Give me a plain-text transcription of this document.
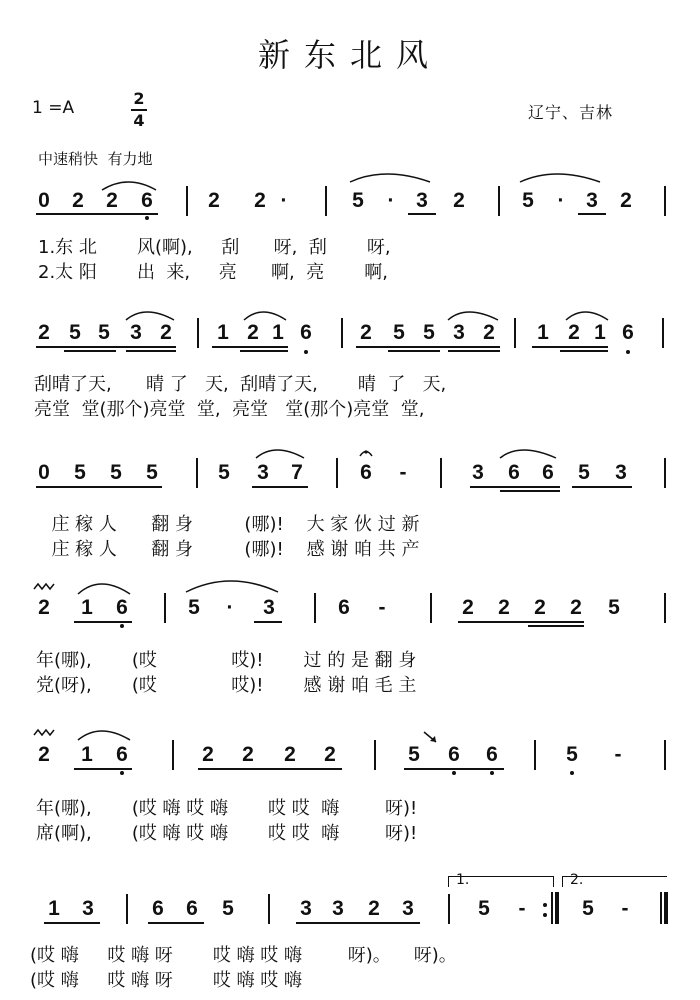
新东北风
1 =A	2
4	辽宁、吉林
中速稍快  有力地
0 2 2 6	2 2 ·	5 · 3 2	5 · 3 2
1.东 北       风(啊),     刮      呀,  刮       呀,
2.太 阳       出  来,     亮      啊,  亮       啊,
2 5 5 3 2 1 2 1 6 2 5 5 3 2 1 2 1 6
刮晴了天,      晴 了   天,  刮晴了天,       晴  了   天,
亮堂  堂(那个)亮堂  堂,  亮堂   堂(那个)亮堂  堂,
0 5 5 5	5 3 7	6 -	3 6 6 5 3
庄 稼 人      翻 身         (哪)!    大 家 伙 过 新
庄 稼 人      翻 身         (哪)!    感 谢 咱 共 产
2 1 6	5 · 3	6 -	2 2 2 2 5
年(哪),       (哎             哎)!       过 的 是 翻 身
党(呀),       (哎             哎)!       感 谢 咱 毛 主
2 1 6	2 2 2 2	5 6 6	5 -
年(哪),       (哎 嗨 哎 嗨       哎 哎  嗨        呀)!
席(啊),       (哎 嗨 哎 嗨       哎 哎  嗨        呀)!
1 3	6 6 5	3 3 2 3	5 -	5 -
1.	2.
(哎 嗨     哎 嗨 呀       哎 嗨 哎 嗨        呀)。    呀)。
(哎 嗨     哎 嗨 呀       哎 嗨 哎 嗨
